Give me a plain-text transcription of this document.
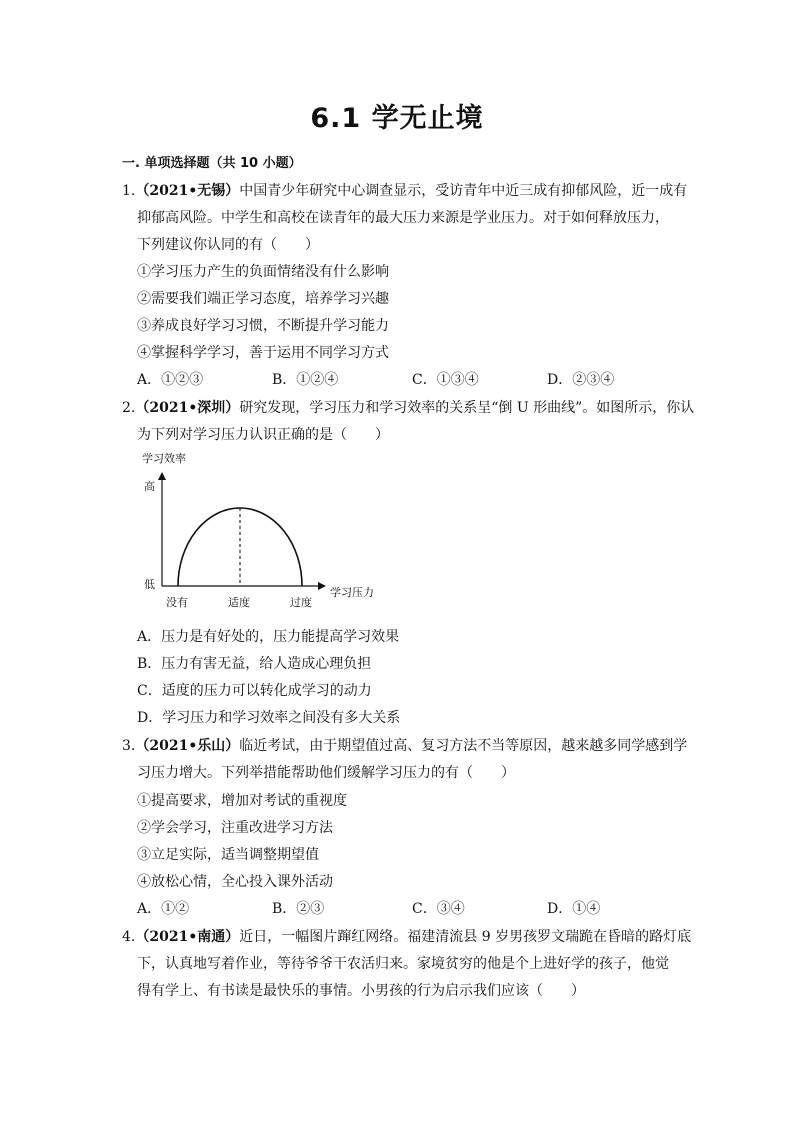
6.1 学无止境
一. 单项选择题（共 10 小题）
1.（2021•无锡）中国青少年研究中心调查显示，受访青年中近三成有抑郁风险，近一成有
抑郁高风险。中学生和高校在读青年的最大压力来源是学业压力。对于如何释放压力，
下列建议你认同的有（　　）
①学习压力产生的负面情绪没有什么影响
②需要我们端正学习态度，培养学习兴趣
③养成良好学习习惯，不断提升学习能力
④掌握科学学习，善于运用不同学习方式
A．①②③	B．①②④	C．①③④	D．②③④
2.（2021•深圳）研究发现，学习压力和学习效率的关系呈“倒 U 形曲线”。如图所示，你认
为下列对学习压力认识正确的是（　　）
学习效率
高
低
学习压力
没有	适度	过度
A．压力是有好处的，压力能提高学习效果
B．压力有害无益，给人造成心理负担
C．适度的压力可以转化成学习的动力
D．学习压力和学习效率之间没有多大关系
3.（2021•乐山）临近考试，由于期望值过高、复习方法不当等原因，越来越多同学感到学
习压力增大。下列举措能帮助他们缓解学习压力的有（　　）
①提高要求，增加对考试的重视度
②学会学习，注重改进学习方法
③立足实际，适当调整期望值
④放松心情，全心投入课外活动
A．①②	B．②③	C．③④	D．①④
4.（2021•南通）近日，一幅图片蹿红网络。福建清流县 9 岁男孩罗文瑞跪在昏暗的路灯底
下，认真地写着作业，等待爷爷干农活归来。家境贫穷的他是个上进好学的孩子，他觉
得有学上、有书读是最快乐的事情。小男孩的行为启示我们应该（　　）
